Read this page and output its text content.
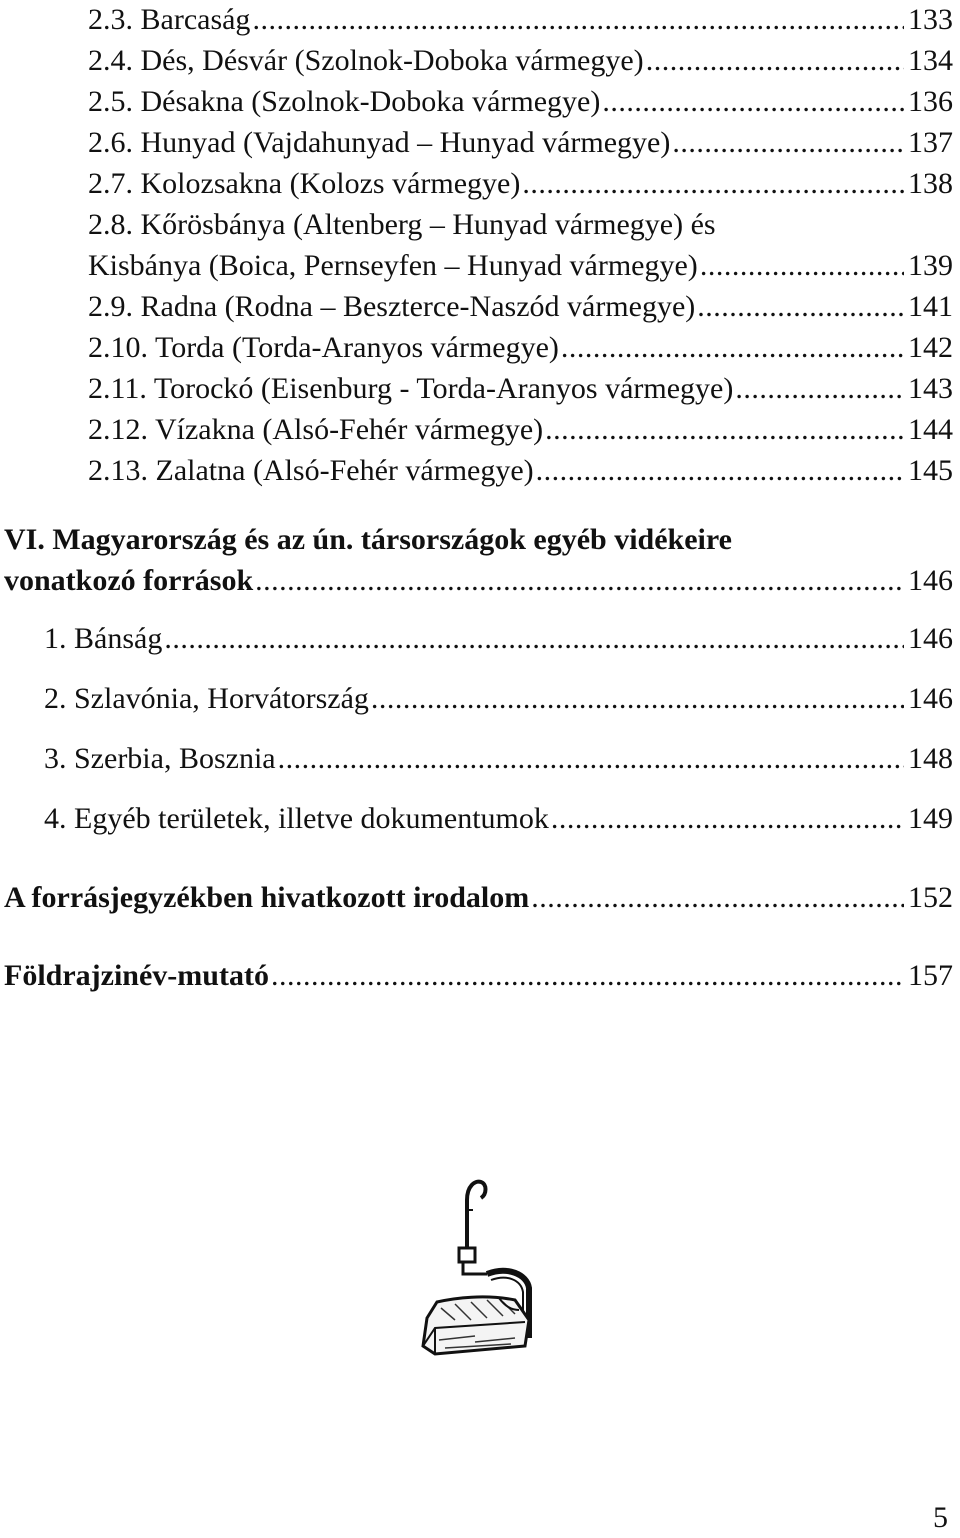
2.3. Barcaság .....	133
2.4. Dés, Désvár (Szolnok-Doboka vármegye) .....	134
2.5. Désakna (Szolnok-Doboka vármegye) .....	136
2.6. Hunyad (Vajdahunyad – Hunyad vármegye) .....	137
2.7. Kolozsakna (Kolozs vármegye) .....	138
2.8. Kőrösbánya (Altenberg – Hunyad vármegye) és
Kisbánya (Boica, Pernseyfen – Hunyad vármegye) .....	139
2.9. Radna (Rodna – Beszterce-Naszód vármegye) .....	141
2.10. Torda (Torda-Aranyos vármegye) .....	142
2.11. Torockó (Eisenburg - Torda-Aranyos vármegye) .....	143
2.12. Vízakna (Alsó-Fehér vármegye) .....	144
2.13. Zalatna (Alsó-Fehér vármegye) .....	145
VI. Magyarország és az ún. társországok egyéb vidékeire
vonatkozó források .....	146
1. Bánság .....	146
2. Szlavónia, Horvátország .....	146
3. Szerbia, Bosznia .....	148
4. Egyéb területek, illetve dokumentumok .....	149
A forrásjegyzékben hivatkozott irodalom .....	152
Földrajzinév-mutató .....	157
5
